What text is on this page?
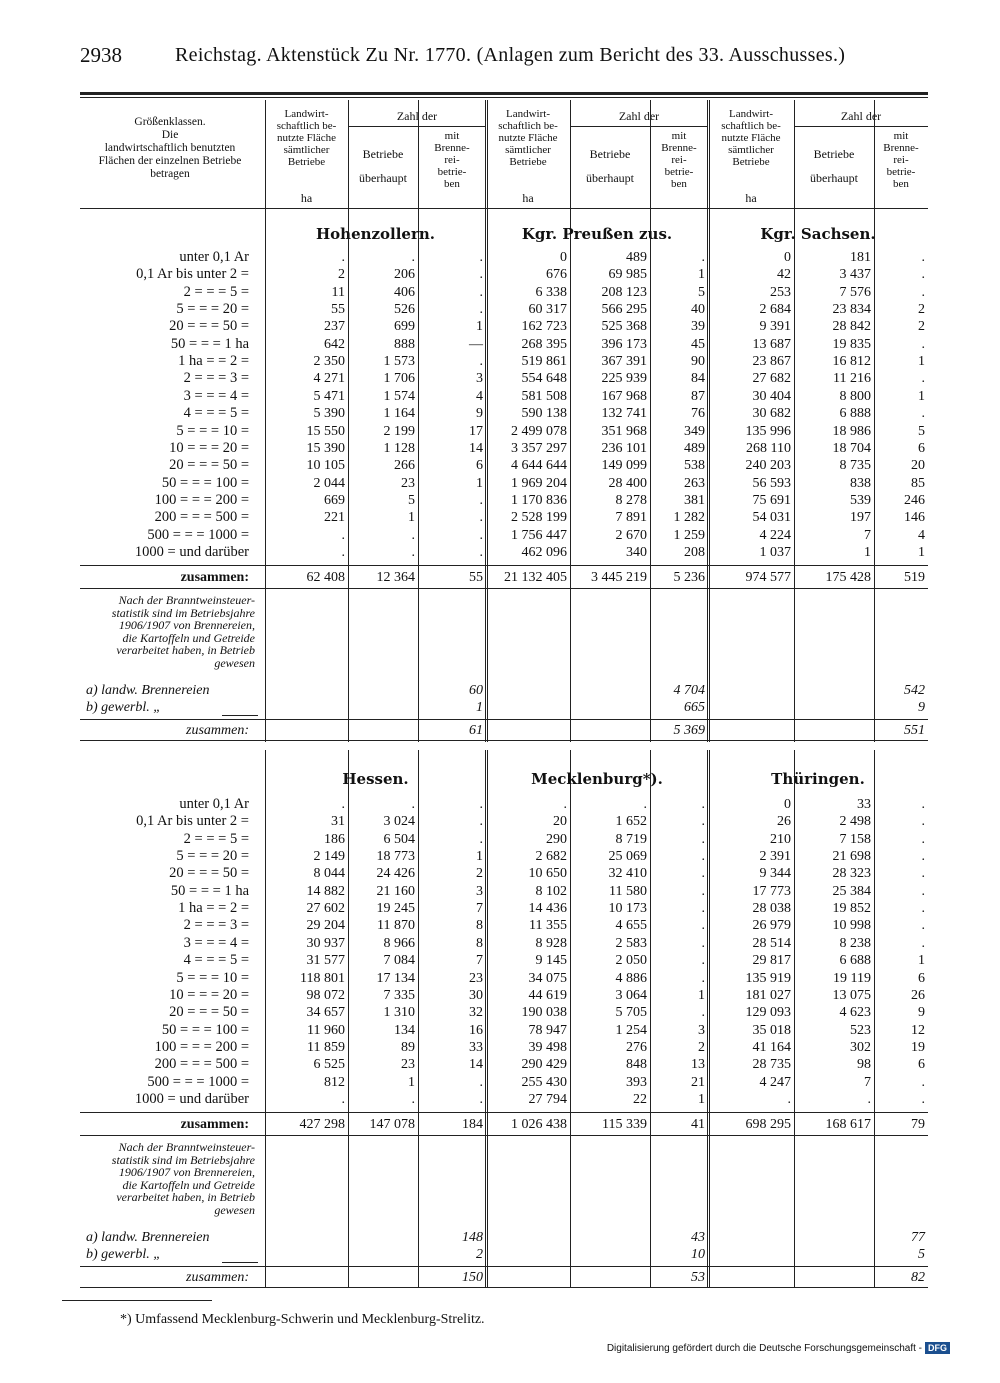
2938	Reichstag. Aktenstück Zu Nr. 1770. (Anlagen zum Bericht des 33. Ausschusses.)
*) Umfassend Mecklenburg-Schwerin und Mecklenburg-Strelitz.
Digitalisierung gefördert durch die Deutsche Forschungsgemeinschaft - DFG
Größenklassen.
Die
landwirtschaftlich benutzten
Flächen der einzelnen Betriebe
betragen
Landwirt-
schaftlich be-
nutzte Fläche
sämtlicher
Betriebe
ha
Zahl der
Betriebe

überhaupt
mit
Brenne-
rei-
betrie-
ben
Landwirt-
schaftlich be-
nutzte Fläche
sämtlicher
Betriebe
ha
Zahl der
Betriebe

überhaupt
mit
Brenne-
rei-
betrie-
ben
Landwirt-
schaftlich be-
nutzte Fläche
sämtlicher
Betriebe
ha
Zahl der
Betriebe

überhaupt
mit
Brenne-
rei-
betrie-
ben
Hohenzollern.
.
2
11
55
237
642
2 350
4 271
5 471
5 390
15 550
15 390
10 105
2 044
669
221
.
.
62 408
.
206
406
526
699
888
1 573
1 706
1 574
1 164
2 199
1 128
266
23
5
1
.
.
12 364
.
.
.
.
1
—
.
3
4
9
17
14
6
1
.
.
.
.
55
60
1
61
Kgr. Preußen zus.
0
676
6 338
60 317
162 723
268 395
519 861
554 648
581 508
590 138
2 499 078
3 357 297
4 644 644
1 969 204
1 170 836
2 528 199
1 756 447
462 096
21 132 405
489
69 985
208 123
566 295
525 368
396 173
367 391
225 939
167 968
132 741
351 968
236 101
149 099
28 400
8 278
7 891
2 670
340
3 445 219
.
1
5
40
39
45
90
84
87
76
349
489
538
263
381
1 282
1 259
208
5 236
4 704
665
5 369
Kgr. Sachsen.
0
42
253
2 684
9 391
13 687
23 867
27 682
30 404
30 682
135 996
268 110
240 203
56 593
75 691
54 031
4 224
1 037
974 577
181
3 437
7 576
23 834
28 842
19 835
16 812
11 216
8 800
6 888
18 986
18 704
8 735
838
539
197
7
1
175 428
.
.
.
2
2
.
1
.
1
.
5
6
20
85
246
146
4
1
519
542
9
551
unter 0,1 Ar
0,1 Ar bis unter 2 =
2 = = = 5 =
5 = = = 20 =
20 = = = 50 =
50 = = = 1 ha
1 ha = = 2 =
2 = = = 3 =
3 = = = 4 =
4 = = = 5 =
5 = = = 10 =
10 = = = 20 =
20 = = = 50 =
50 = = = 100 =
100 = = = 200 =
200 = = = 500 =
500 = = = 1000 =
1000 = und darüber
zusammen:
Nach der Branntweinsteuer-
statistik sind im Betriebsjahre
1906/1907 von Brennereien,
die Kartoffeln und Getreide
verarbeitet haben, in Betrieb
gewesen
a) landw. Brennereien
b) gewerbl. „
zusammen:
Hessen.
.
31
186
2 149
8 044
14 882
27 602
29 204
30 937
31 577
118 801
98 072
34 657
11 960
11 859
6 525
812
.
427 298
.
3 024
6 504
18 773
24 426
21 160
19 245
11 870
8 966
7 084
17 134
7 335
1 310
134
89
23
1
.
147 078
.
.
.
1
2
3
7
8
8
7
23
30
32
16
33
14
.
.
184
148
2
150
Mecklenburg*).
.
20
290
2 682
10 650
8 102
14 436
11 355
8 928
9 145
34 075
44 619
190 038
78 947
39 498
290 429
255 430
27 794
1 026 438
.
1 652
8 719
25 069
32 410
11 580
10 173
4 655
2 583
2 050
4 886
3 064
5 705
1 254
276
848
393
22
115 339
.
.
.
.
.
.
.
.
.
.
.
1
.
3
2
13
21
1
41
43
10
53
Thüringen.
0
26
210
2 391
9 344
17 773
28 038
26 979
28 514
29 817
135 919
181 027
129 093
35 018
41 164
28 735
4 247
.
698 295
33
2 498
7 158
21 698
28 323
25 384
19 852
10 998
8 238
6 688
19 119
13 075
4 623
523
302
98
7
.
168 617
.
.
.
.
.
.
.
.
.
1
6
26
9
12
19
6
.
.
79
77
5
82
unter 0,1 Ar
0,1 Ar bis unter 2 =
2 = = = 5 =
5 = = = 20 =
20 = = = 50 =
50 = = = 1 ha
1 ha = = 2 =
2 = = = 3 =
3 = = = 4 =
4 = = = 5 =
5 = = = 10 =
10 = = = 20 =
20 = = = 50 =
50 = = = 100 =
100 = = = 200 =
200 = = = 500 =
500 = = = 1000 =
1000 = und darüber
zusammen:
Nach der Branntweinsteuer-
statistik sind im Betriebsjahre
1906/1907 von Brennereien,
die Kartoffeln und Getreide
verarbeitet haben, in Betrieb
gewesen
a) landw. Brennereien
b) gewerbl. „
zusammen:
